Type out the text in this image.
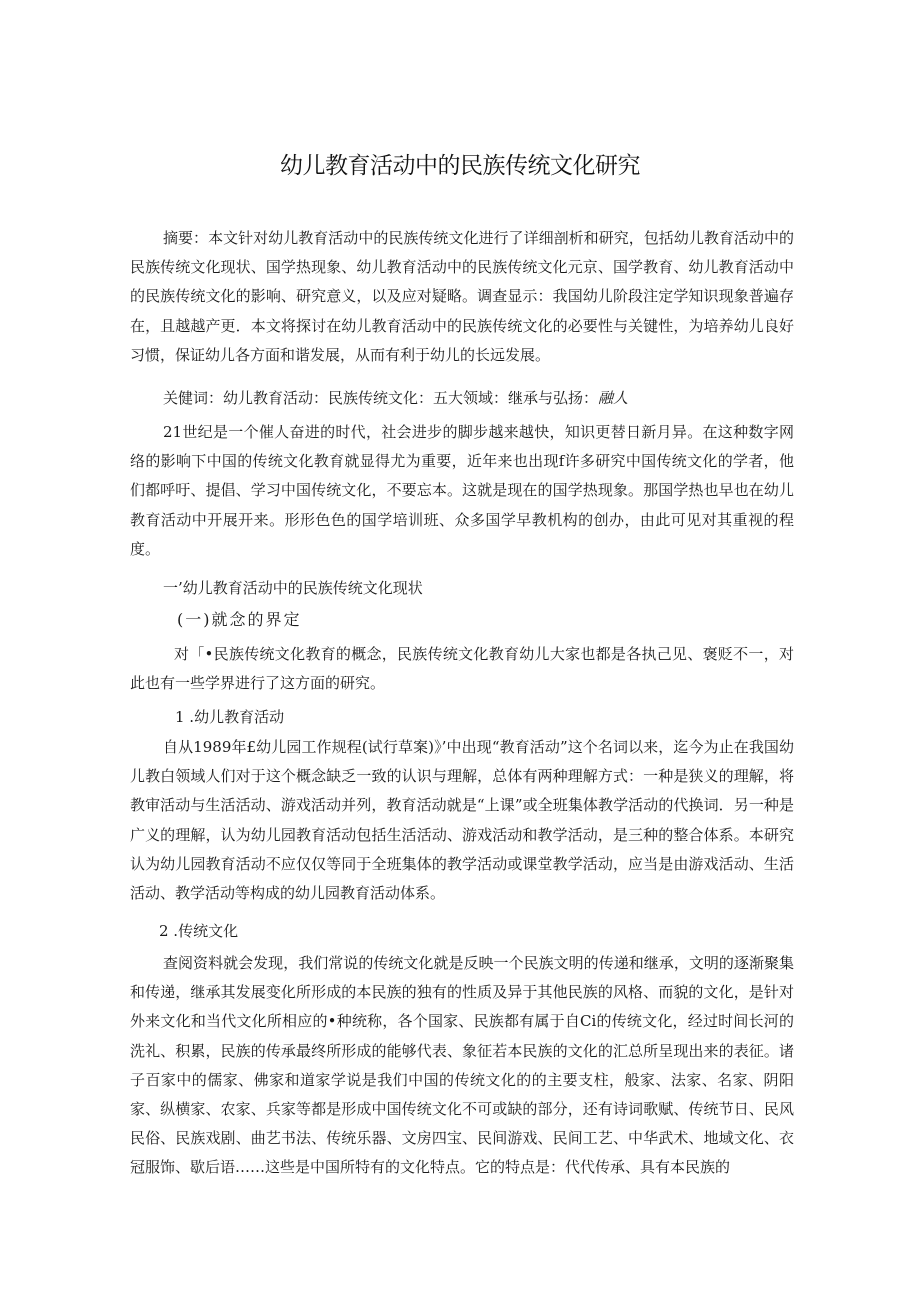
幼儿教育活动中的民族传统文化研究

摘要：本文针对幼儿教育活动中的民族传统文化进行了详细剖析和研究，包括幼儿教育活动中的民族传统文化现状、国学热现象、幼儿教育活动中的民族传统文化元京、国学教育、幼儿教育活动中的民族传统文化的影响、研究意义，以及应对疑略。调查显示：我国幼儿阶段注定学知识现象普遍存在，且越越产更．本文将探讨在幼儿教育活动中的民族传统文化的必要性与关键性，为培养幼儿良好习惯，保证幼儿各方面和谐发展，从而有利于幼儿的长远发展。

关健词：幼儿教育活动：民族传统文化：五大领域：继承与弘扬：融人

21世纪是一个催人奋进的时代，社会进步的脚步越来越快，知识更替日新月异。在这种数字网络的影响下中国的传统文化教育就显得尤为重要，近年来也出现f许多研究中国传统文化的学者，他们都呼吁、提倡、学习中国传统文化，不要忘本。这就是现在的国学热现象。那国学热也早也在幼儿教育活动中开展开来。形形色色的国学培训班、众多国学早教机构的创办，由此可见对其重视的程度。

一’幼儿教育活动中的民族传统文化现状
(一)就念的界定

对「•民族传统文化教育的概念，民族传统文化教育幼儿大家也都是各执己见、褒贬不一，对此也有一些学界进行了这方面的研究。

1 .幼儿教育活动

自从1989年£幼儿园工作规程(试行草案)》’中出现“教育活动”这个名词以来，迄今为止在我国幼儿教白领域人们对于这个概念缺乏一致的认识与理解，总体有两种理解方式：一种是狭义的理解，将教审活动与生活活动、游戏活动并列，教育活动就是“上课”或全班集体教学活动的代换词．另一种是广义的理解，认为幼儿园教育活动包括生活活动、游戏活动和教学活动，是三种的整合体系。本研究认为幼儿园教育活动不应仅仅等同于全班集体的教学活动或课堂教学活动，应当是由游戏活动、生活活动、教学活动等构成的幼儿园教育活动体系。

2 .传统文化

查阅资料就会发现，我们常说的传统文化就是反映一个民族文明的传递和继承，文明的逐渐聚集和传递，继承其发展变化所形成的本民族的独有的性质及异于其他民族的风格、而貌的文化，是针对外来文化和当代文化所相应的•种统称，各个国家、民族都有属于自Ci的传统文化，经过时间长河的洗礼、积累，民族的传承最终所形成的能够代表、象征若本民族的文化的汇总所呈现出来的表征。诸子百家中的儒家、佛家和道家学说是我们中国的传统文化的的主要支柱，般家、法家、名家、阴阳家、纵横家、农家、兵家等都是形成中国传统文化不可或缺的部分，还有诗词歌赋、传统节日、民风民俗、民族戏剧、曲艺书法、传统乐器、文房四宝、民间游戏、民间工艺、中华武术、地域文化、衣冠服饰、歇后语……这些是中国所特有的文化特点。它的特点是：代代传承、具有本民族的
